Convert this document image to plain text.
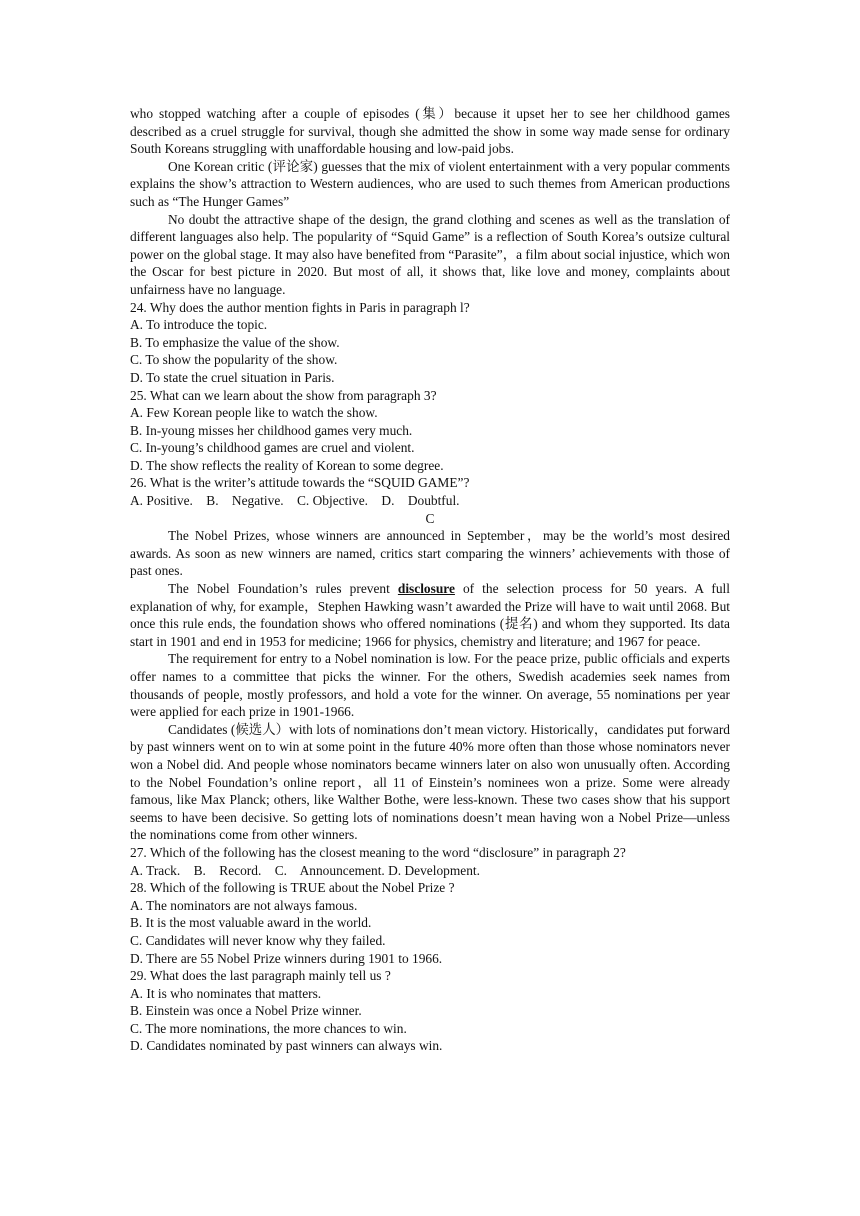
who stopped watching after a couple of episodes (集）because it upset her to see her childhood games described as a cruel struggle for survival, though she admitted the show in some way made sense for ordinary South Koreans struggling with unaffordable housing and low-paid jobs.

One Korean critic (评论家) guesses that the mix of violent entertainment with a very popular comments explains the show’s attraction to Western audiences, who are used to such themes from American productions such as “The Hunger Games”

No doubt the attractive shape of the design, the grand clothing and scenes as well as the translation of different languages also help. The popularity of “Squid Game” is a reflection of South Korea’s outsize cultural power on the global stage. It may also have benefited from “Parasite”，a film about social injustice, which won the Oscar for best picture in 2020. But most of all, it shows that, like love and money, complaints about unfairness have no language.

24. Why does the author mention fights in Paris in paragraph l?

A. To introduce the topic.

B. To emphasize the value of the show.

C. To show the popularity of the show.

D. To state the cruel situation in Paris.

25. What can we learn about the show from paragraph 3?

A. Few Korean people like to watch the show.

B. In-young misses her childhood games very much.

C. In-young’s childhood games are cruel and violent.

D. The show reflects the reality of Korean to some degree.

26. What is the writer’s attitude towards the “SQUID GAME”?

A. Positive.    B.    Negative.    C. Objective.    D.    Doubtful.

C

The Nobel Prizes, whose winners are announced in September，may be the world’s most desired awards. As soon as new winners are named, critics start comparing the winners’ achievements with those of past ones.

The Nobel Foundation’s rules prevent disclosure of the selection process for 50 years. A full explanation of why, for example，Stephen Hawking wasn’t awarded the Prize will have to wait until 2068. But once this rule ends, the foundation shows who offered nominations (提名) and whom they supported. Its data start in 1901 and end in 1953 for medicine; 1966 for physics, chemistry and literature; and 1967 for peace.

The requirement for entry to a Nobel nomination is low. For the peace prize, public officials and experts offer names to a committee that picks the winner. For the others, Swedish academies seek names from thousands of people, mostly professors, and hold a vote for the winner. On average, 55 nominations per year were applied for each prize in 1901-1966.

Candidates (候选人）with lots of nominations don’t mean victory. Historically，candidates put forward by past winners went on to win at some point in the future 40% more often than those whose nominators never won a Nobel did. And people whose nominators became winners later on also won unusually often. According to the Nobel Foundation’s online report，all 11 of Einstein’s nominees won a prize. Some were already famous, like Max Planck; others, like Walther Bothe, were less-known. These two cases show that his support seems to have been decisive. So getting lots of nominations doesn’t mean having won a Nobel Prize—unless the nominations come from other winners.

27. Which of the following has the closest meaning to the word “disclosure” in paragraph 2?

A. Track.    B.    Record.    C.    Announcement. D. Development.

28. Which of the following is TRUE about the Nobel Prize ?

A. The nominators are not always famous.

B. It is the most valuable award in the world.

C. Candidates will never know why they failed.

D. There are 55 Nobel Prize winners during 1901 to 1966.

29. What does the last paragraph mainly tell us ?

A. It is who nominates that matters.

B. Einstein was once a Nobel Prize winner.

C. The more nominations, the more chances to win.

D. Candidates nominated by past winners can always win.
